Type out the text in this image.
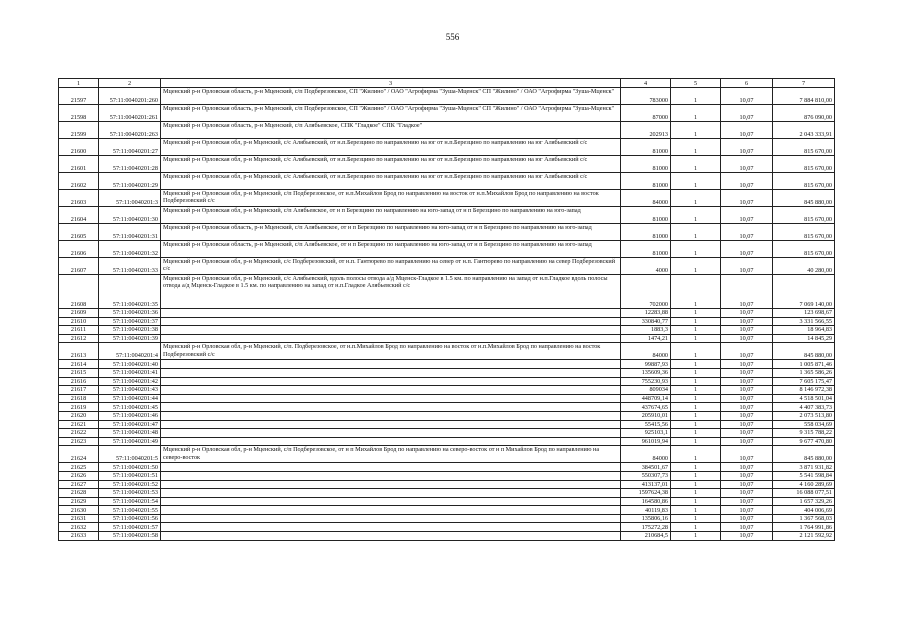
556
1	2	3	4	5	6	7
21597	57:11:0040201:260	Мценский р-н Орловская область, р-н Мценский, с/п Подберезовское, СП "Жилино" / ОАО "Агрофирма "Зуша-Мценск" СП "Жилино" / ОАО "Агрофирма "Зуша-Мценск"	783000	1	10,07	7 884 810,00
21598	57:11:0040201:261	Мценский р-н Орловская область, р-н Мценский, с/п Подберезовское, СП "Жилино" / ОАО "Агрофирма "Зуша-Мценск" СП "Жилино" / ОАО "Агрофирма "Зуша-Мценск"	87000	1	10,07	876 090,00
21599	57:11:0040201:263	Мценский р-н Орловская область, р-н Мценский, с/п Алябьевское, СПК "Гладкое" СПК "Гладкое"	202913	1	10,07	2 043 333,91
21600	57:11:0040201:27	Мценский р-н Орловская обл, р-н Мценский, с/с Алябьевский, от н.п.Березцино по направлению на юг от н.п.Березцино по направлению на юг Алябьевский с/с	81000	1	10,07	815 670,00
21601	57:11:0040201:28	Мценский р-н Орловская обл, р-н Мценский, с/с Алябьевский, от н.п.Березцино по направлению на юг от н.п.Березцино по направлению на юг Алябьевский с/с	81000	1	10,07	815 670,00
21602	57:11:0040201:29	Мценский р-н Орловская обл, р-н Мценский, с/с Алябьевский, от н.п.Березцино по направлению на юг от н.п.Березцино по направлению на юг Алябьевский с/с	81000	1	10,07	815 670,00
21603	57:11:0040201:3	Мценский р-н Орловская обл, р-н Мценский, с/п Подберезовское, от н.п.Михайлов Брод по направлению на восток от н.п.Михайлов Брод по направлению на восток Подберезовский с/с	84000	1	10,07	845 880,00
21604	57:11:0040201:30	Мценский р-н Орловская обл, р-н Мценский, с/п Алябьевское, от н п Березцино по направлению на юго-запад от н п Березцино по направлению на юго-запад	81000	1	10,07	815 670,00
21605	57:11:0040201:31	Мценский р-н Орловская область, р-н Мценский, с/п Алябьевское, от н п Березцино по направлению на юго-запад от н п Березцино по направлению на юго-запад	81000	1	10,07	815 670,00
21606	57:11:0040201:32	Мценский р-н Орловская область, р-н Мценский, с/п Алябьевское, от н п Березцино по направлению на юго-запад от н п Березцино по направлению на юго-запад	81000	1	10,07	815 670,00
21607	57:11:0040201:33	Мценский р-н Орловская обл, р-н Мценский, с/с Подберезовский, от н.п. Гантюрево по направлению на север от н.п. Гантюрево по направлению на север Подберезовский с/с	4000	1	10,07	40 280,00
21608	57:11:0040201:35	Мценский р-н Орловская обл, р-н Мценский, с/с Алябьевский, вдоль полосы отвода а/д Мценск-Гладкое в 1.5 км. по направлению на запад от н.п.Гладкое вдоль полосы отвода а/д Мценск-Гладкое в 1.5 км. по направлению на запад от н.п.Гладкое Алябьевский с/с	702000	1	10,07	7 069 140,00
21609	57:11:0040201:36		12283,88	1	10,07	123 698,67
21610	57:11:0040201:37		330840,77	1	10,07	3 331 566,55
21611	57:11:0040201:38		1883,3	1	10,07	18 964,83
21612	57:11:0040201:39		1474,21	1	10,07	14 845,29
21613	57:11:0040201:4	Мценский р-н Орловская обл, р-н Мценский, с/п. Подберезовское, от н.п.Михайлов Брод по направлению на восток от н.п.Михайлов Брод по направлению на восток Подберезовский с/с	84000	1	10,07	845 880,00
21614	57:11:0040201:40		99887,93	1	10,07	1 005 871,46
21615	57:11:0040201:41		135609,36	1	10,07	1 365 586,26
21616	57:11:0040201:42		755230,93	1	10,07	7 605 175,47
21617	57:11:0040201:43		809034	1	10,07	8 146 972,38
21618	57:11:0040201:44		448709,14	1	10,07	4 518 501,04
21619	57:11:0040201:45		437674,65	1	10,07	4 407 383,73
21620	57:11:0040201:46		205910,01	1	10,07	2 073 513,80
21621	57:11:0040201:47		55415,56	1	10,07	558 034,69
21622	57:11:0040201:48		925103,1	1	10,07	9 315 788,22
21623	57:11:0040201:49		961019,94	1	10,07	9 677 470,80
21624	57:11:0040201:5	Мценский р-н Орловская обл, р-н Мценский, с/п Подберезовское, от н п Михайлов Брод по направлению на северо-восток от н п Михайлов Брод по направлению на северо-восток	84000	1	10,07	845 880,00
21625	57:11:0040201:50		384501,67	1	10,07	3 871 931,82
21626	57:11:0040201:51		550307,73	1	10,07	5 541 598,84
21627	57:11:0040201:52		413137,01	1	10,07	4 160 289,69
21628	57:11:0040201:53		1597624,38	1	10,07	16 088 077,51
21629	57:11:0040201:54		164580,86	1	10,07	1 657 329,26
21630	57:11:0040201:55		40119,83	1	10,07	404 006,69
21631	57:11:0040201:56		135806,16	1	10,07	1 367 568,03
21632	57:11:0040201:57		175272,28	1	10,07	1 764 991,86
21633	57:11:0040201:58		210684,5	1	10,07	2 121 592,92
